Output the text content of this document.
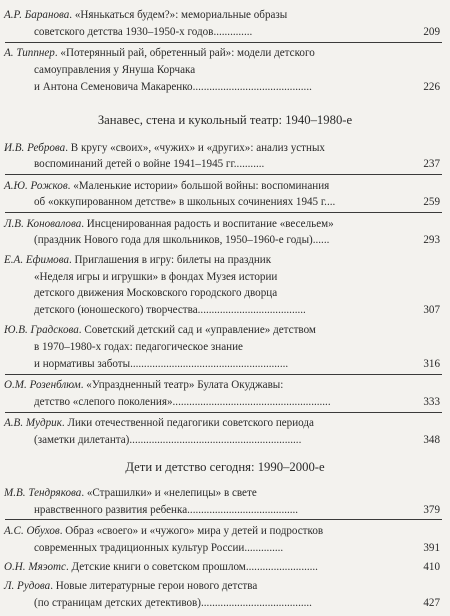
А.Р. Баранова. «Нянькаться будем?»: мемориальные образы
советского детства 1930–1950-х годов..............	209
А. Типпнер. «Потерянный рай, обретенный рай»: модели детского
самоуправления у Януша Корчака
и Антона Семеновича Макаренко...........................................	226
Занавес, стена и кукольный театр: 1940–1980-е
И.В. Реброва. В кругу «своих», «чужих» и «других»: анализ устных
воспоминаний детей о войне 1941–1945 гг...........	237
А.Ю. Рожков. «Маленькие истории» большой войны: воспоминания
об «оккупированном детстве» в школьных сочинениях 1945 г....	259
Л.В. Коновалова. Инсценированная радость и воспитание «весельем»
(праздник Нового года для школьников, 1950–1960-е годы)......	293
Е.А. Ефимова. Приглашения в игру: билеты на праздник
«Неделя игры и игрушки» в фондах Музея истории
детского движения Московского городского дворца
детского (юношеского) творчества.......................................	307
Ю.В. Градскова. Советский детский сад и «управление» детством
в 1970–1980-х годах: педагогическое знание
и нормативы заботы.........................................................	316
О.М. Розенблюм. «Упраздненный театр» Булата Окуджавы:
детство «слепого поколения».........................................................	333
А.В. Мудрик. Лики отечественной педагогики советского периода
(заметки дилетанта)..............................................................	348
Дети и детство сегодня: 1990–2000-е
М.В. Тендрякова. «Страшилки» и «нелепицы» в свете
нравственного развития ребенка........................................	379
А.С. Обухов. Образ «своего» и «чужого» мира у детей и подростков
современных традиционных культур России..............	391
О.Н. Мяэотс. Детские книги о советском прошлом..........................	410
Л. Рудова. Новые литературные герои нового детства
(по страницам детских детективов)........................................	427
